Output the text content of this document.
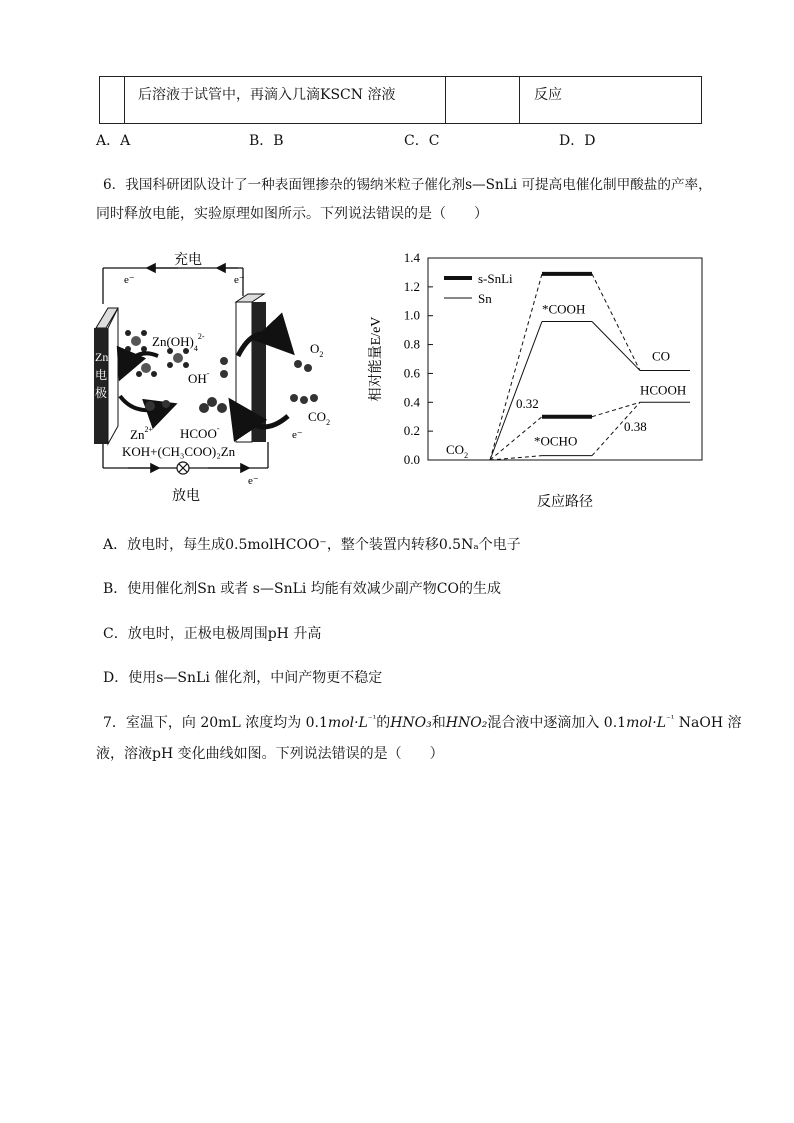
后溶液于试管中，再滴入几滴KSCN 溶液	反应
A．A	B．B	C．C	D．D
6．我国科研团队设计了一种表面锂掺杂的锡纳米粒子催化剂s—SnLi 可提高电催化制甲酸盐的产率，
同时释放电能，实验原理如图所示。下列说法错误的是（　　）
充电
e⁻	e⁻
放电
e⁻
Zn
电
极
$Zn(OH)_4^{2-}$
$Zn^{2+}$
OH-
HCOO-
KOH+(CH₃COO)₂Zn
$O_2$
$CO_2$
e⁻
0.0
0.2
0.4
0.6
0.8
1.0
1.2
1.4
相对能量E/eV
反应路径
s-SnLi
Sn
$CO_2$
*COOH
0.32
*OCHO
CO
HCOOH
0.38
A．放电时，每生成0.5molHCOO⁻，整个装置内转移0.5Nₐ个电子
B．使用催化剂Sn 或者 s—SnLi 均能有效减少副产物CO的生成
C．放电时，正极电极周围pH 升高
D．使用s—SnLi 催化剂，中间产物更不稳定
7．室温下，向 20mL 浓度均为 $0.1mol\cdot L^{^{-1}}$的HNO₃和HNO₂混合液中逐滴加入 $0.1mol\cdot L^{^{-1}}$ NaOH 溶
液，溶液pH 变化曲线如图。下列说法错误的是（　　）
